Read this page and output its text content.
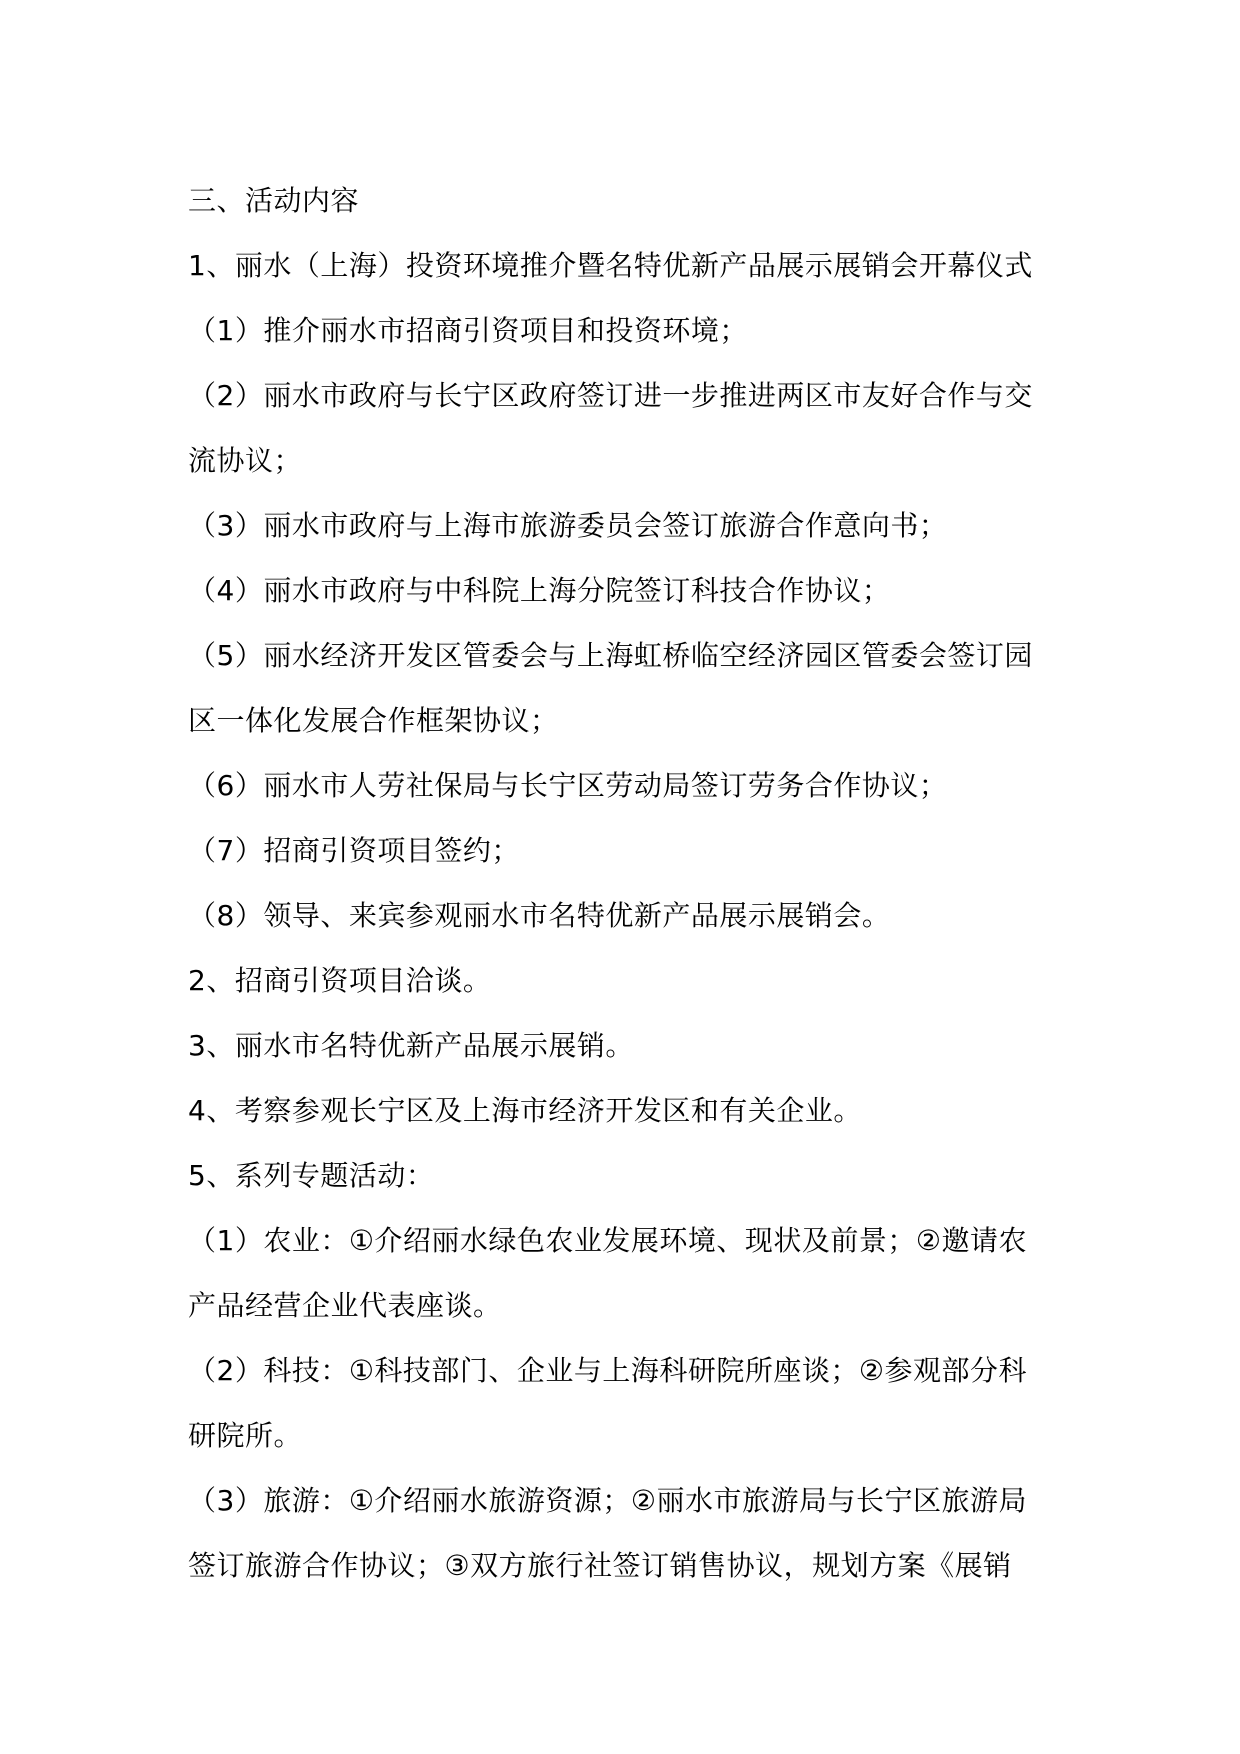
三、活动内容

1、丽水（上海）投资环境推介暨名特优新产品展示展销会开幕仪式

（1）推介丽水市招商引资项目和投资环境；

（2）丽水市政府与长宁区政府签订进一步推进两区市友好合作与交

流协议；

（3）丽水市政府与上海市旅游委员会签订旅游合作意向书；

（4）丽水市政府与中科院上海分院签订科技合作协议；

（5）丽水经济开发区管委会与上海虹桥临空经济园区管委会签订园

区一体化发展合作框架协议；

（6）丽水市人劳社保局与长宁区劳动局签订劳务合作协议；

（7）招商引资项目签约；

（8）领导、来宾参观丽水市名特优新产品展示展销会。

2、招商引资项目洽谈。

3、丽水市名特优新产品展示展销。

4、考察参观长宁区及上海市经济开发区和有关企业。

5、系列专题活动：

（1）农业：①介绍丽水绿色农业发展环境、现状及前景；②邀请农

产品经营企业代表座谈。

（2）科技：①科技部门、企业与上海科研院所座谈；②参观部分科

研院所。

（3）旅游：①介绍丽水旅游资源；②丽水市旅游局与长宁区旅游局

签订旅游合作协议；③双方旅行社签订销售协议，规划方案《展销
